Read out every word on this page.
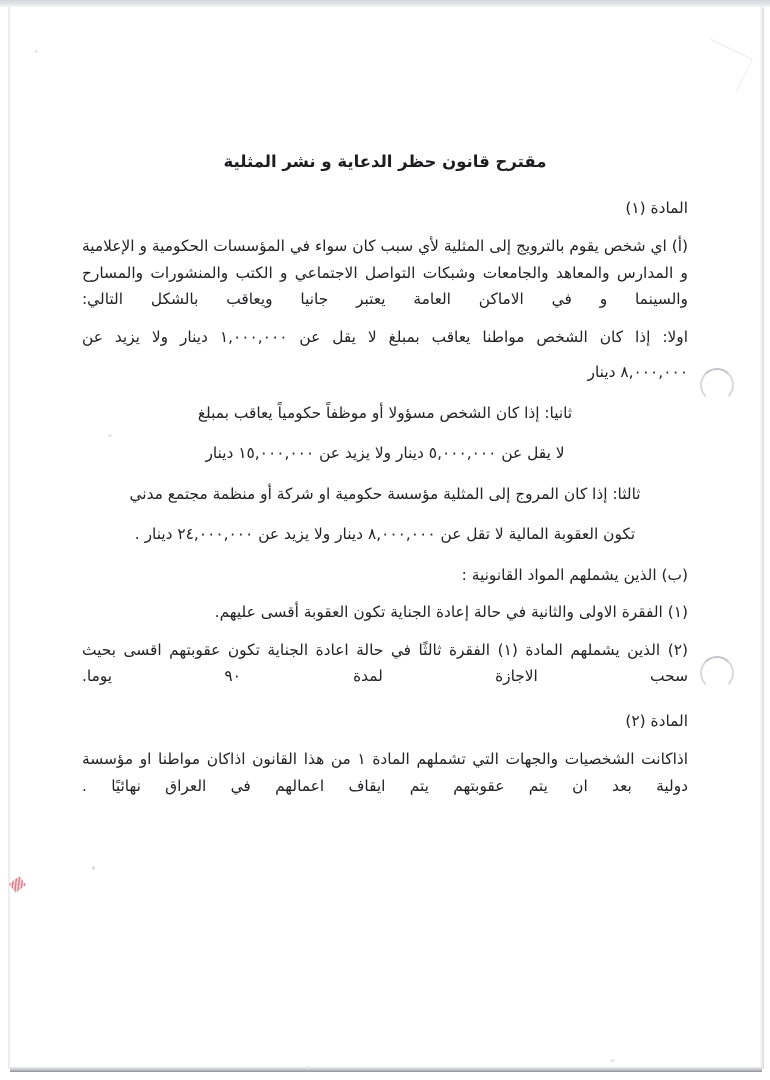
مقترح قانون حظر الدعاية و نشر المثلية

المادة (١)

(أ) اي شخص يقوم بالترويج إلى المثلية لأي سبب كان سواء في المؤسسات الحكومية و الإعلامية و المدارس والمعاهد والجامعات وشبكات التواصل الاجتماعي و الكتب والمنشورات والمسارح والسينما و في الاماكن العامة يعتبر جانيا ويعاقب بالشكل التالي:

اولا: إذا كان الشخص مواطنا يعاقب بمبلغ لا يقل عن ١,٠٠٠,٠٠٠ دينار ولا يزيد عن

٨,٠٠٠,٠٠٠ دينار

ثانيا: إذا كان الشخص مسؤولا أو موظفاً حكومياً يعاقب بمبلغ

لا يقل عن ٥,٠٠٠,٠٠٠ دينار ولا يزيد عن ١٥,٠٠٠,٠٠٠ دينار

ثالثا: إذا كان المروج إلى المثلية مؤسسة حكومية او شركة أو منظمة مجتمع مدني

تكون العقوبة المالية لا تقل عن ٨,٠٠٠,٠٠٠ دينار ولا يزيد عن ٢٤,٠٠٠,٠٠٠ دينار .

(ب) الذين يشملهم المواد القانونية :

(١) الفقرة الاولى والثانية في حالة إعادة الجناية تكون العقوبة أقسى عليهم.

(٢) الذين يشملهم المادة (١) الفقرة ثالثًا في حالة اعادة الجناية تكون عقوبتهم اقسى بحيث سحب الاجازة لمدة ٩٠ يوما.

المادة (٢)

اذاكانت الشخصيات والجهات التي تشملهم المادة ١ من هذا القانون اذاكان مواطنا او مؤسسة دولية بعد ان يتم عقوبتهم يتم ايقاف اعمالهم في العراق نهائيًا .
